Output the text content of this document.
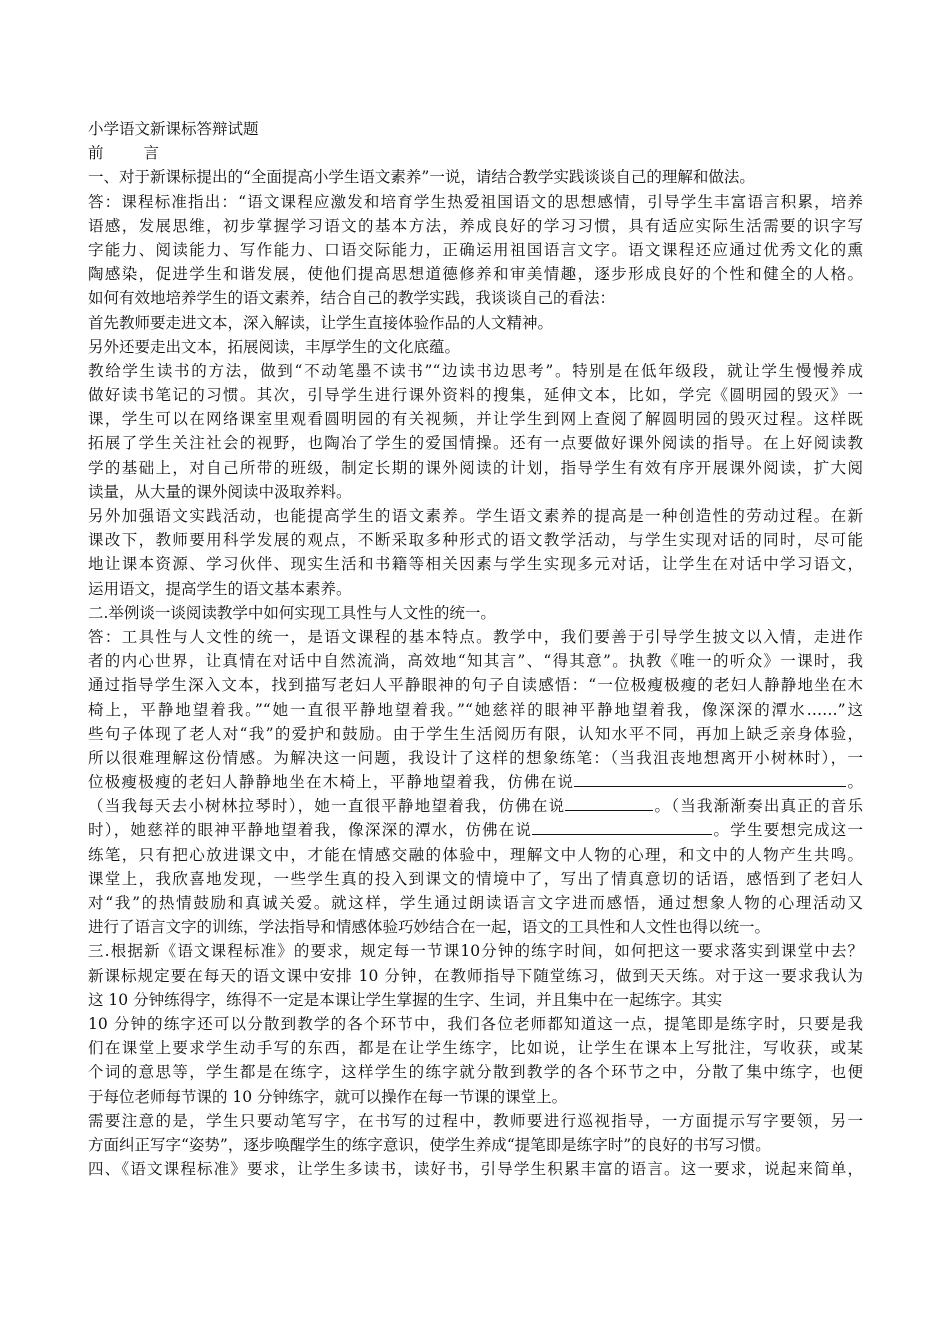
小学语文新课标答辩试题
前	言
一、对于新课标提出的“全面提高小学生语文素养”一说，请结合教学实践谈谈自己的理解和做法。
答：课程标准指出：“语文课程应激发和培育学生热爱祖国语文的思想感情，引导学生丰富语言积累，培养
语感，发展思维，初步掌握学习语文的基本方法，养成良好的学习习惯，具有适应实际生活需要的识字写
字能力、阅读能力、写作能力、口语交际能力，正确运用祖国语言文字。语文课程还应通过优秀文化的熏
陶感染，促进学生和谐发展，使他们提高思想道德修养和审美情趣，逐步形成良好的个性和健全的人格。
如何有效地培养学生的语文素养，结合自己的教学实践，我谈谈自己的看法：
首先教师要走进文本，深入解读，让学生直接体验作品的人文精神。
另外还要走出文本，拓展阅读，丰厚学生的文化底蕴。
教给学生读书的方法，做到“不动笔墨不读书”“边读书边思考”。特别是在低年级段，就让学生慢慢养成
做好读书笔记的习惯。其次，引导学生进行课外资料的搜集，延伸文本，比如，学完《圆明园的毁灭》一
课，学生可以在网络课室里观看圆明园的有关视频，并让学生到网上查阅了解圆明园的毁灭过程。这样既
拓展了学生关注社会的视野，也陶冶了学生的爱国情操。还有一点要做好课外阅读的指导。在上好阅读教
学的基础上，对自己所带的班级，制定长期的课外阅读的计划，指导学生有效有序开展课外阅读，扩大阅
读量，从大量的课外阅读中汲取养料。
另外加强语文实践活动，也能提高学生的语文素养。学生语文素养的提高是一种创造性的劳动过程。在新
课改下，教师要用科学发展的观点，不断采取多种形式的语文教学活动，与学生实现对话的同时，尽可能
地让课本资源、学习伙伴、现实生活和书籍等相关因素与学生实现多元对话，让学生在对话中学习语文，
运用语文，提高学生的语文基本素养。
二.举例谈一谈阅读教学中如何实现工具性与人文性的统一。
答：工具性与人文性的统一，是语文课程的基本特点。教学中，我们要善于引导学生披文以入情，走进作
者的内心世界，让真情在对话中自然流淌，高效地“知其言”、“得其意”。执教《唯一的听众》一课时，我
通过指导学生深入文本，找到描写老妇人平静眼神的句子自读感悟：“一位极瘦极瘦的老妇人静静地坐在木
椅上，平静地望着我。”“她一直很平静地望着我。”“她慈祥的眼神平静地望着我，像深深的潭水……”这
些句子体现了老人对“我”的爱护和鼓励。由于学生生活阅历有限，认知水平不同，再加上缺乏亲身体验，
所以很难理解这份情感。为解决这一问题，我设计了这样的想象练笔：（当我沮丧地想离开小树林时），一
位极瘦极瘦的老妇人静静地坐在木椅上，平静地望着我，仿佛在说	。
（当我每天去小树林拉琴时），她一直很平静地望着我，仿佛在说	。（当我渐渐奏出真正的音乐
时），她慈祥的眼神平静地望着我，像深深的潭水，仿佛在说	。学生要想完成这一
练笔，只有把心放进课文中，才能在情感交融的体验中，理解文中人物的心理，和文中的人物产生共鸣。
课堂上，我欣喜地发现，一些学生真的投入到课文的情境中了，写出了情真意切的话语，感悟到了老妇人
对“我”的热情鼓励和真诚关爱。就这样，学生通过朗读语言文字进而感悟，通过想象人物的心理活动又
进行了语言文字的训练，学法指导和情感体验巧妙结合在一起，语文的工具性和人文性也得以统一。
三.根据新《语文课程标准》的要求，规定每一节课10分钟的练字时间，如何把这一要求落实到课堂中去？
新课标规定要在每天的语文课中安排 10 分钟，在教师指导下随堂练习，做到天天练。对于这一要求我认为
这 10 分钟练得字，练得不一定是本课让学生掌握的生字、生词，并且集中在一起练字。其实
10 分钟的练字还可以分散到教学的各个环节中，我们各位老师都知道这一点，提笔即是练字时，只要是我
们在课堂上要求学生动手写的东西，都是在让学生练字，比如说，让学生在课本上写批注，写收获，或某
个词的意思等，学生都是在练字，这样学生的练字就分散到教学的各个环节之中，分散了集中练字，也便
于每位老师每节课的 10 分钟练字，就可以操作在每一节课的课堂上。
需要注意的是，学生只要动笔写字，在书写的过程中，教师要进行巡视指导，一方面提示写字要领，另一
方面纠正写字“姿势”，逐步唤醒学生的练字意识，使学生养成“提笔即是练字时”的良好的书写习惯。
四、《语文课程标准》要求，让学生多读书，读好书，引导学生积累丰富的语言。这一要求，说起来简单，
